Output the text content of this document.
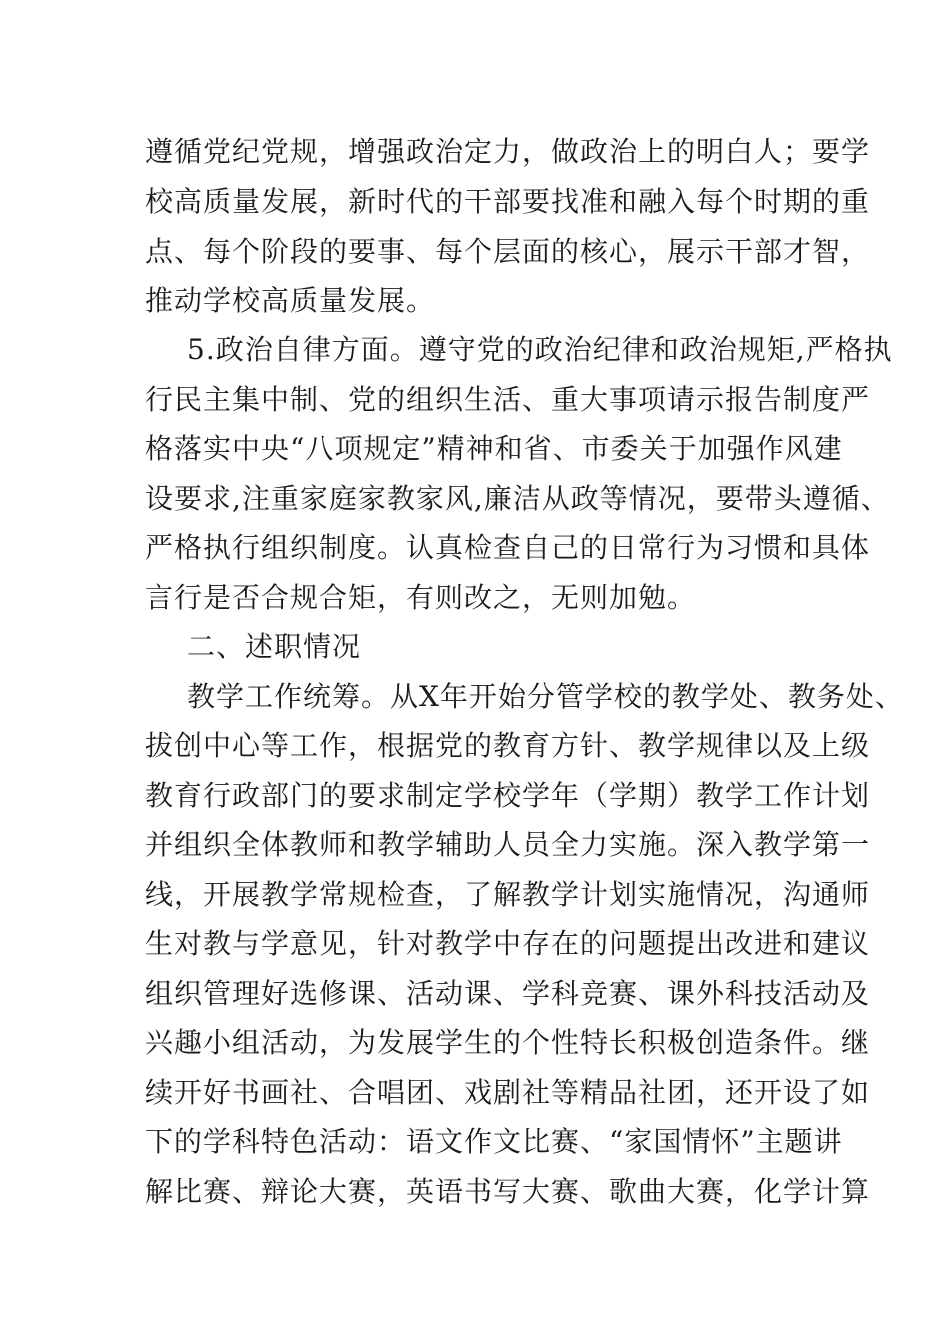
遵循党纪党规，增强政治定力，做政治上的明白人；要学
校高质量发展，新时代的干部要找准和融入每个时期的重
点、每个阶段的要事、每个层面的核心，展示干部才智，
推动学校高质量发展。
5.政治自律方面。遵守党的政治纪律和政治规矩,严格执
行民主集中制、党的组织生活、重大事项请示报告制度严
格落实中央“八项规定”精神和省、市委关于加强作风建
设要求,注重家庭家教家风,廉洁从政等情况，要带头遵循、
严格执行组织制度。认真检查自己的日常行为习惯和具体
言行是否合规合矩，有则改之，无则加勉。
二、述职情况
教学工作统筹。从X年开始分管学校的教学处、教务处、
拔创中心等工作，根据党的教育方针、教学规律以及上级
教育行政部门的要求制定学校学年（学期）教学工作计划
并组织全体教师和教学辅助人员全力实施。深入教学第一
线，开展教学常规检查，了解教学计划实施情况，沟通师
生对教与学意见，针对教学中存在的问题提出改进和建议
组织管理好选修课、活动课、学科竞赛、课外科技活动及
兴趣小组活动，为发展学生的个性特长积极创造条件。继
续开好书画社、合唱团、戏剧社等精品社团，还开设了如
下的学科特色活动：语文作文比赛、“家国情怀”主题讲
解比赛、辩论大赛，英语书写大赛、歌曲大赛，化学计算
